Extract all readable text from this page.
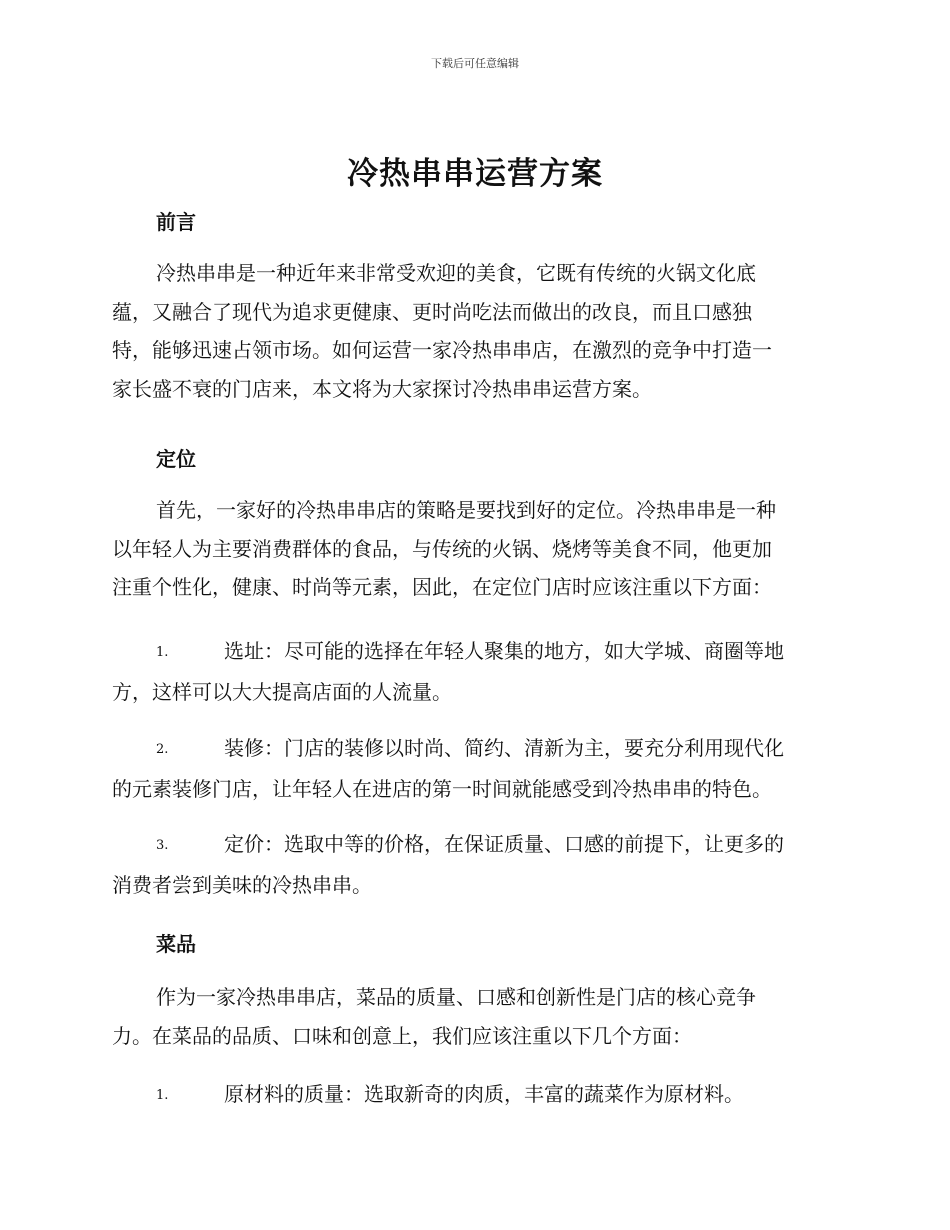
下载后可任意编辑
冷热串串运营方案
前言
冷热串串是一种近年来非常受欢迎的美食，它既有传统的火锅文化底
蕴，又融合了现代为追求更健康、更时尚吃法而做出的改良，而且口感独
特，能够迅速占领市场。如何运营一家冷热串串店，在激烈的竞争中打造一
家长盛不衰的门店来，本文将为大家探讨冷热串串运营方案。
定位
首先，一家好的冷热串串店的策略是要找到好的定位。冷热串串是一种
以年轻人为主要消费群体的食品，与传统的火锅、烧烤等美食不同，他更加
注重个性化，健康、时尚等元素，因此，在定位门店时应该注重以下方面：
1.	选址：尽可能的选择在年轻人聚集的地方，如大学城、商圈等地
方，这样可以大大提高店面的人流量。
2.	装修：门店的装修以时尚、简约、清新为主，要充分利用现代化
的元素装修门店，让年轻人在进店的第一时间就能感受到冷热串串的特色。
3.	定价：选取中等的价格，在保证质量、口感的前提下，让更多的
消费者尝到美味的冷热串串。
菜品
作为一家冷热串串店，菜品的质量、口感和创新性是门店的核心竞争
力。在菜品的品质、口味和创意上，我们应该注重以下几个方面：
1.	原材料的质量：选取新奇的肉质，丰富的蔬菜作为原材料。
